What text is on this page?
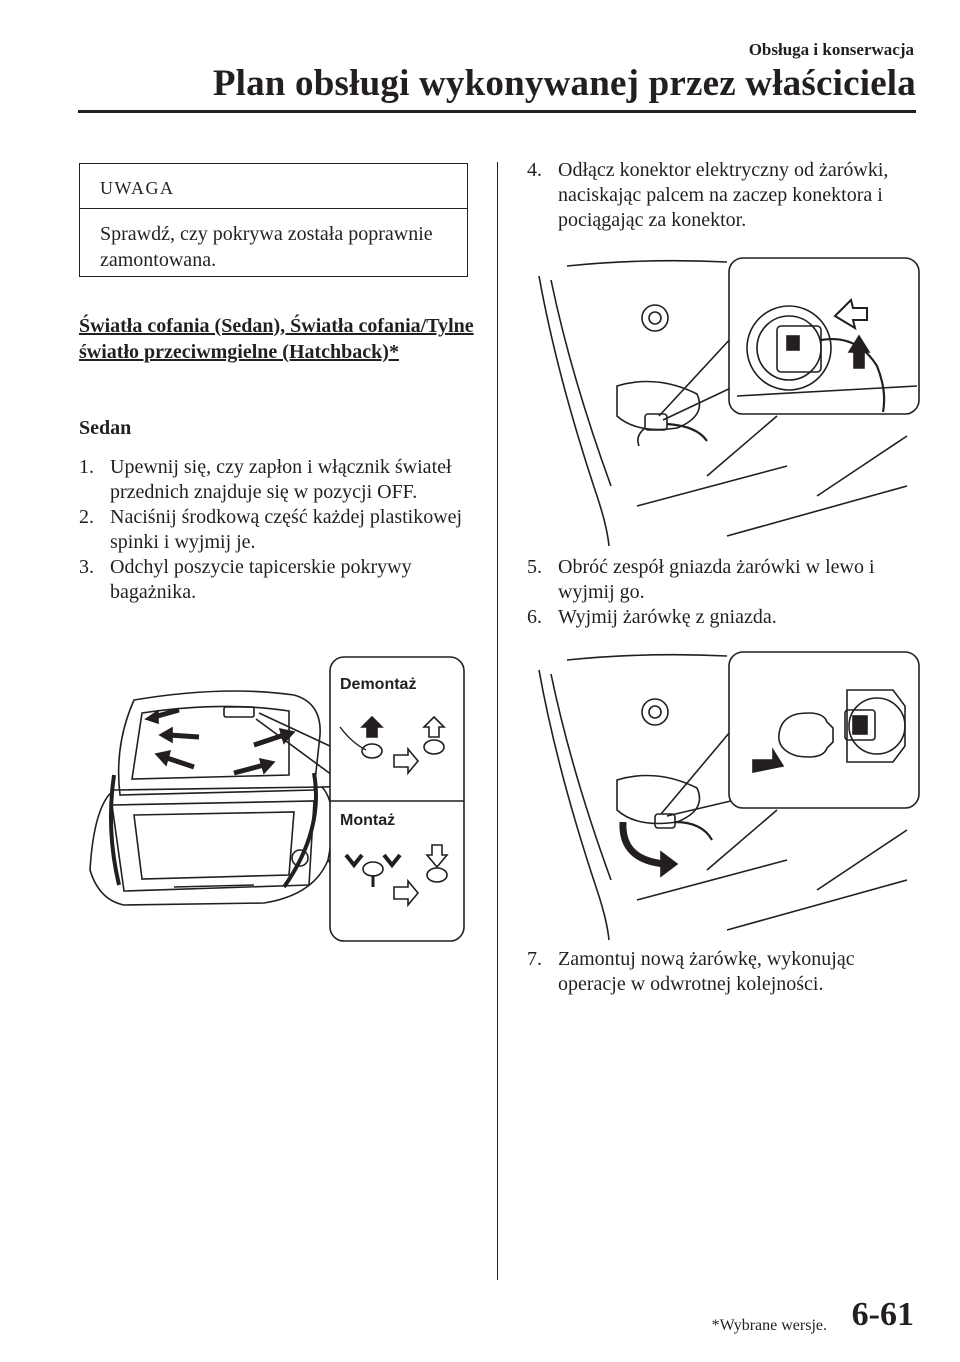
Obsługa i konserwacja
Plan obsługi wykonywanej przez właściciela
UWAGA
Sprawdź, czy pokrywa została poprawnie zamontowana.
Światła cofania (Sedan), Światła cofania/Tylne światło przeciwmgielne (Hatchback)*
Sedan
1. Upewnij się, czy zapłon i włącznik świateł przednich znajduje się w pozycji OFF.
2. Naciśnij środkową część każdej plastikowej spinki i wyjmij je.
3. Odchyl poszycie tapicerskie pokrywy bagażnika.
Demontaż
Montaż
4. Odłącz konektor elektryczny od żarówki, naciskając palcem na zaczep konektora i pociągając za konektor.
5. Obróć zespół gniazda żarówki w lewo i wyjmij go.
6. Wyjmij żarówkę z gniazda.
7. Zamontuj nową żarówkę, wykonując operacje w odwrotnej kolejności.
*Wybrane wersje. 6-61
